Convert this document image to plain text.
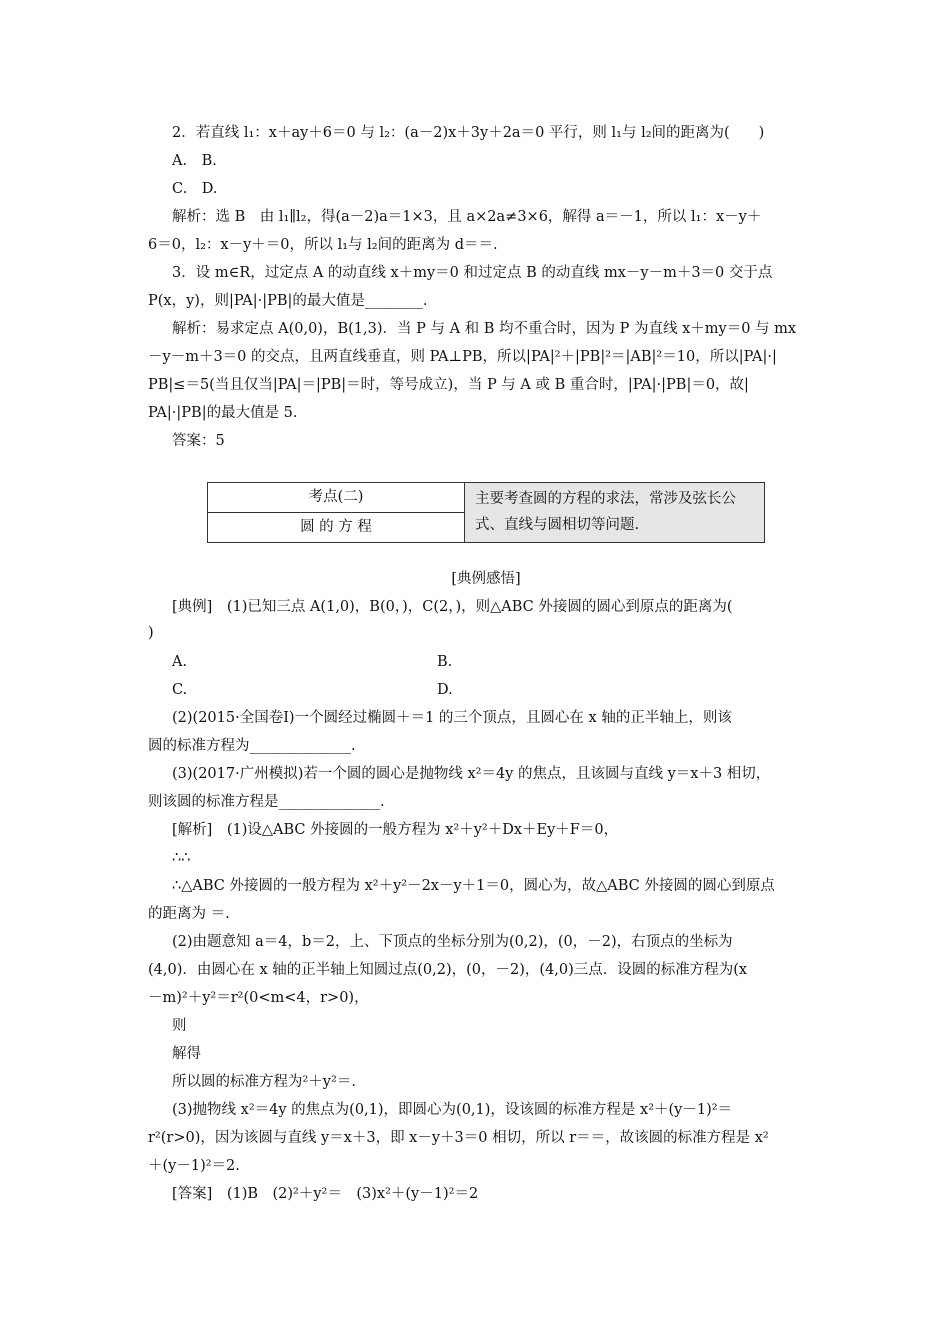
2．若直线 l₁：x＋ay＋6＝0 与 l₂：(a－2)x＋3y＋2a＝0 平行，则 l₁与 l₂间的距离为(　　)
A.　 B.
C.　 D.
解析：选 B　由 l₁∥l₂，得(a－2)a＝1×3，且 a×2a≠3×6，解得 a＝－1，所以 l₁：x－y＋
6＝0，l₂：x－y＋＝0，所以 l₁与 l₂间的距离为 d＝＝.
3．设 m∈R，过定点 A 的动直线 x＋my＝0 和过定点 B 的动直线 mx－y－m＋3＝0 交于点
P(x，y)，则|PA|·|PB|的最大值是________.
解析：易求定点 A(0,0)，B(1,3)．当 P 与 A 和 B 均不重合时，因为 P 为直线 x＋my＝0 与 mx
－y－m＋3＝0 的交点，且两直线垂直，则 PA⊥PB，所以|PA|²＋|PB|²＝|AB|²＝10，所以|PA|·|
PB|≤＝5(当且仅当|PA|＝|PB|＝时，等号成立)，当 P 与 A 或 B 重合时，|PA|·|PB|＝0，故|
PA|·|PB|的最大值是 5.
答案：5
考点(二)
圆 的 方 程
主要考查圆的方程的求法，常涉及弦长公式、直线与圆相切等问题.
[典例感悟]
[典例]　(1)已知三点 A(1,0)，B(0，)，C(2，)，则△ABC 外接圆的圆心到原点的距离为(
)
A.	B.
C.	D.
(2)(2015·全国卷Ⅰ)一个圆经过椭圆＋＝1 的三个顶点，且圆心在 x 轴的正半轴上，则该
圆的标准方程为______________.
(3)(2017·广州模拟)若一个圆的圆心是抛物线 x²＝4y 的焦点，且该圆与直线 y＝x＋3 相切，
则该圆的标准方程是______________.
[解析]　(1)设△ABC 外接圆的一般方程为 x²＋y²＋Dx＋Ey＋F＝0，
∴∴
∴△ABC 外接圆的一般方程为 x²＋y²－2x－y＋1＝0，圆心为，故△ABC 外接圆的圆心到原点
的距离为 ＝.
(2)由题意知 a＝4，b＝2，上、下顶点的坐标分别为(0,2)，(0，－2)，右顶点的坐标为
(4,0)．由圆心在 x 轴的正半轴上知圆过点(0,2)，(0，－2)，(4,0)三点．设圆的标准方程为(x
－m)²＋y²＝r²(0<m<4，r>0)，
则
解得
所以圆的标准方程为²＋y²＝.
(3)抛物线 x²＝4y 的焦点为(0,1)，即圆心为(0,1)，设该圆的标准方程是 x²＋(y－1)²＝
r²(r>0)，因为该圆与直线 y＝x＋3，即 x－y＋3＝0 相切，所以 r＝＝，故该圆的标准方程是 x²
＋(y－1)²＝2.
[答案]　(1)B　(2)²＋y²＝　(3)x²＋(y－1)²＝2
